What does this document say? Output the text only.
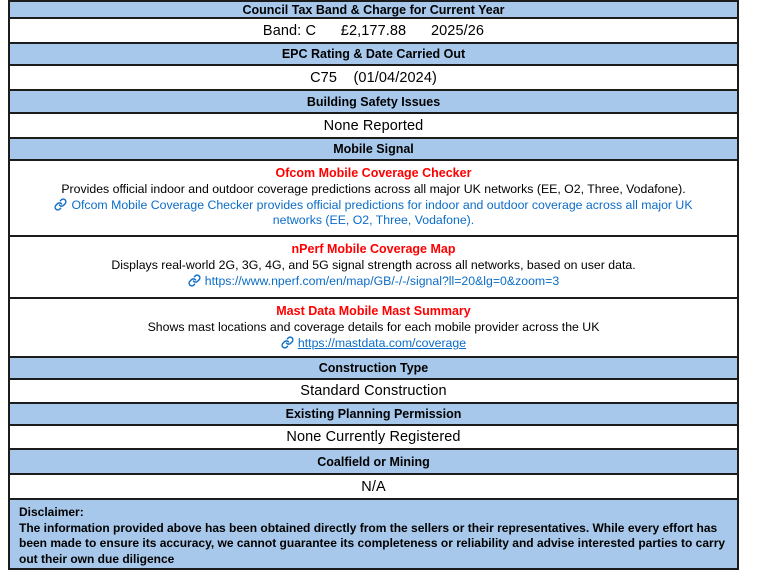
Council Tax Band & Charge for Current Year
Band: C      £2,177.88      2025/26
EPC Rating & Date Carried Out
C75    (01/04/2024)
Building Safety Issues
None Reported
Mobile Signal
Ofcom Mobile Coverage Checker
Provides official indoor and outdoor coverage predictions across all major UK networks (EE, O2, Three, Vodafone).
Ofcom Mobile Coverage Checker provides official predictions for indoor and outdoor coverage across all major UK networks (EE, O2, Three, Vodafone).
nPerf Mobile Coverage Map
Displays real-world 2G, 3G, 4G, and 5G signal strength across all networks, based on user data.
https://www.nperf.com/en/map/GB/-/-/signal?ll=20&lg=0&zoom=3
Mast Data Mobile Mast Summary
Shows mast locations and coverage details for each mobile provider across the UK
https://mastdata.com/coverage
Construction Type
Standard Construction
Existing Planning Permission
None Currently Registered
Coalfield or Mining
N/A
Disclaimer:
The information provided above has been obtained directly from the sellers or their representatives. While every effort has been made to ensure its accuracy, we cannot guarantee its completeness or reliability and advise interested parties to carry out their own due diligence
